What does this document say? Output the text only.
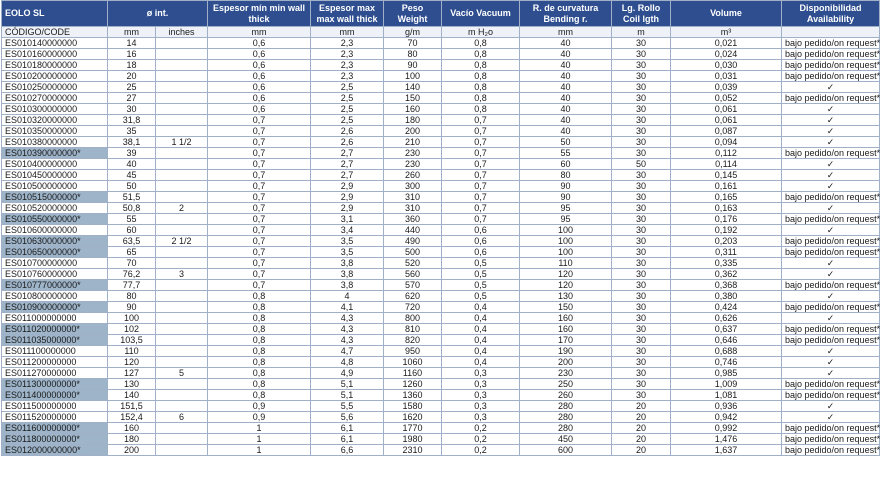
EOLO SL	ø int.		Espesor mín min wall thick	Espesor max max wall thick	Peso Weight	Vacío Vacuum	R. de curvatura Bending r.	Lg. Rollo Coil lgth	Volume	Disponibilidad Availability
CÓDIGO/CODE	mm	inches	mm	mm	g/m	m H₂o	mm	m	m³	
ES010140000000	14		0,6	2,3	70	0,8	40	30	0,021	bajo pedido/on request*
ES010160000000	16		0,6	2,3	80	0,8	40	30	0,024	bajo pedido/on request*
ES010180000000	18		0,6	2,3	90	0,8	40	30	0,030	bajo pedido/on request*
ES010200000000	20		0,6	2,3	100	0,8	40	30	0,031	bajo pedido/on request*
ES010250000000	25		0,6	2,5	140	0,8	40	30	0,039	✓
ES010270000000	27		0,6	2,5	150	0,8	40	30	0,052	bajo pedido/on request*
ES010300000000	30		0,6	2,5	160	0,8	40	30	0,061	✓
ES010320000000	31,8		0,7	2,5	180	0,7	40	30	0,061	✓
ES010350000000	35		0,7	2,6	200	0,7	40	30	0,087	✓
ES010380000000	38,1	1 1/2	0,7	2,6	210	0,7	50	30	0,094	✓
ES010390000000*	39		0,7	2,7	230	0,7	55	30	0,112	bajo pedido/on request*
ES010400000000	40		0,7	2,7	230	0,7	60	50	0,114	✓
ES010450000000	45		0,7	2,7	260	0,7	80	30	0,145	✓
ES010500000000	50		0,7	2,9	300	0,7	90	30	0,161	✓
ES010515000000*	51,5		0,7	2,9	310	0,7	90	30	0,165	bajo pedido/on request*
ES010520000000	50,8	2	0,7	2,9	310	0,7	95	30	0,163	✓
ES010550000000*	55		0,7	3,1	360	0,7	95	30	0,176	bajo pedido/on request*
ES010600000000	60		0,7	3,4	440	0,6	100	30	0,192	✓
ES010630000000*	63,5	2 1/2	0,7	3,5	490	0,6	100	30	0,203	bajo pedido/on request*
ES010650000000*	65		0,7	3,5	500	0,6	100	30	0,311	bajo pedido/on request*
ES010700000000	70		0,7	3,8	520	0,5	110	30	0,335	✓
ES010760000000	76,2	3	0,7	3,8	560	0,5	120	30	0,362	✓
ES010777000000*	77,7		0,7	3,8	570	0,5	120	30	0,368	bajo pedido/on request*
ES010800000000	80		0,8	4	620	0,5	130	30	0,380	✓
ES010900000000*	90		0,8	4,1	720	0,4	150	30	0,424	bajo pedido/on request*
ES011000000000	100		0,8	4,3	800	0,4	160	30	0,626	✓
ES011020000000*	102		0,8	4,3	810	0,4	160	30	0,637	bajo pedido/on request*
ES011035000000*	103,5		0,8	4,3	820	0,4	170	30	0,646	bajo pedido/on request*
ES011100000000	110		0,8	4,7	950	0,4	190	30	0,688	✓
ES011200000000	120		0,8	4,8	1060	0,4	200	30	0,746	✓
ES011270000000	127	5	0,8	4,9	1160	0,3	230	30	0,985	✓
ES011300000000*	130		0,8	5,1	1260	0,3	250	30	1,009	bajo pedido/on request*
ES011400000000*	140		0,8	5,1	1360	0,3	260	30	1,081	bajo pedido/on request*
ES011500000000	151,5		0,9	5,5	1580	0,3	280	20	0,936	✓
ES011520000000	152,4	6	0,9	5,6	1620	0,3	280	20	0,942	✓
ES011600000000*	160		1	6,1	1770	0,2	280	20	0,992	bajo pedido/on request*
ES011800000000*	180		1	6,1	1980	0,2	450	20	1,476	bajo pedido/on request*
ES012000000000*	200		1	6,6	2310	0,2	600	20	1,637	bajo pedido/on request*
